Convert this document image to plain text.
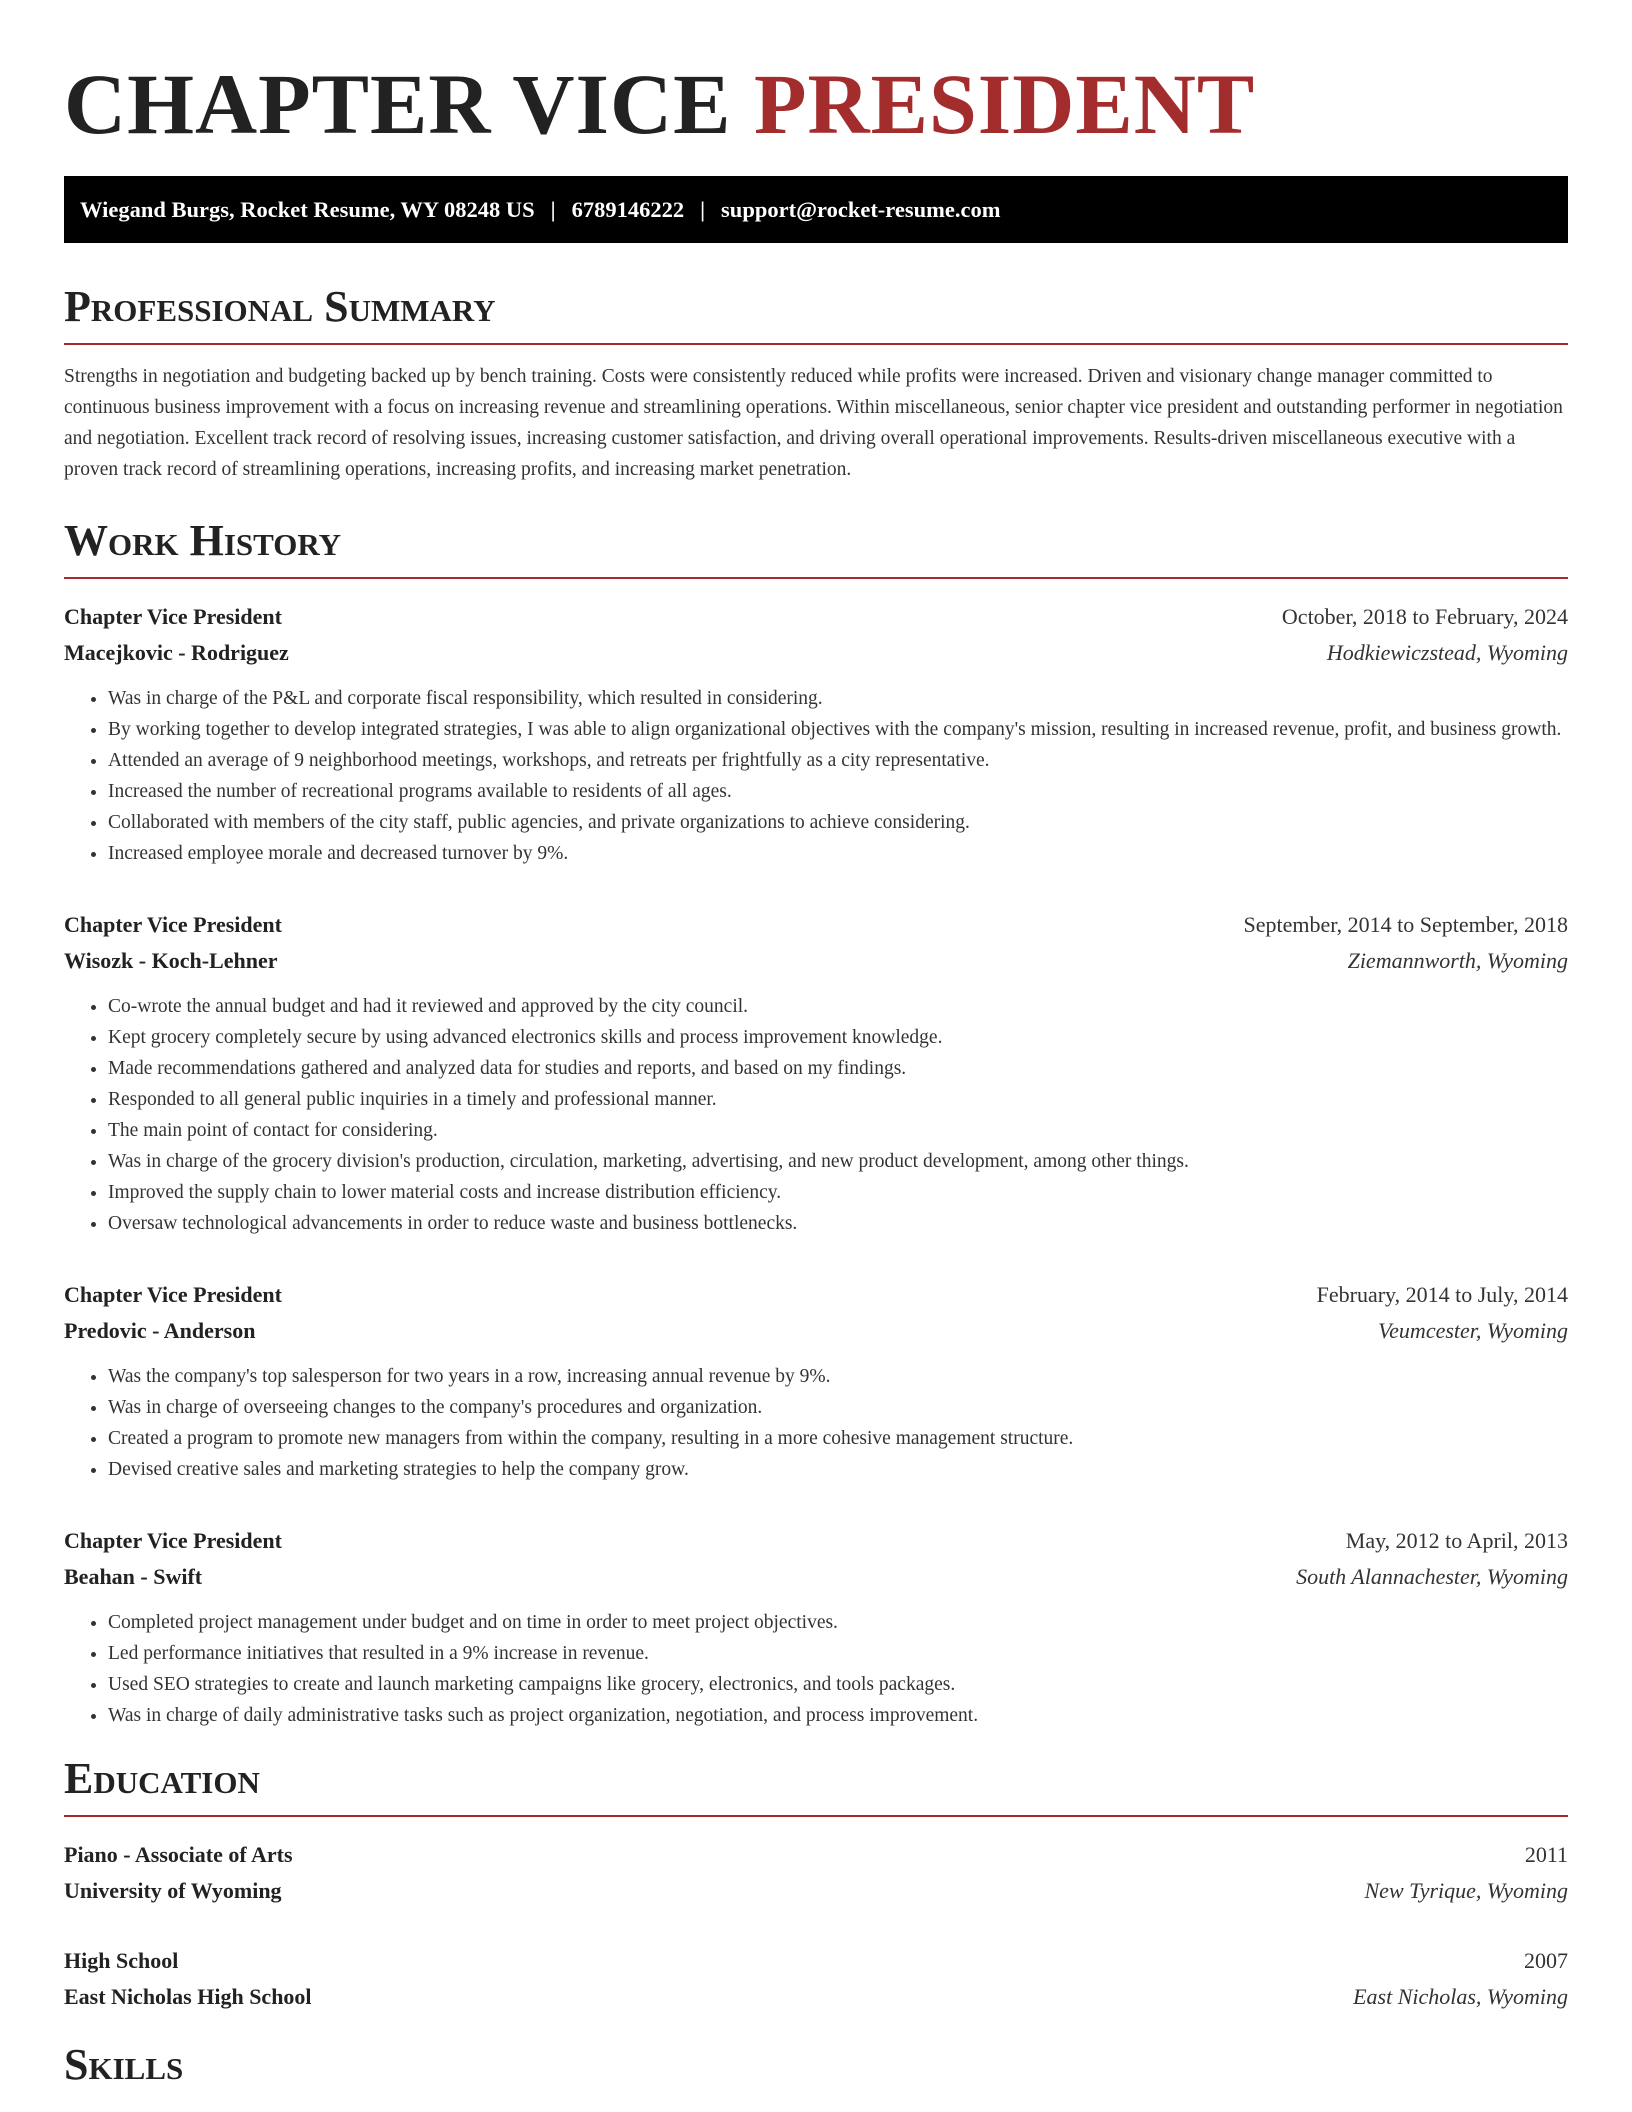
CHAPTER VICE PRESIDENT
Wiegand Burgs, Rocket Resume, WY 08248 US | 6789146222 | support@rocket-resume.com
Professional Summary

Strengths in negotiation and budgeting backed up by bench training. Costs were consistently reduced while profits were increased. Driven and visionary change manager committed to continuous business improvement with a focus on increasing revenue and streamlining operations. Within miscellaneous, senior chapter vice president and outstanding performer in negotiation and negotiation. Excellent track record of resolving issues, increasing customer satisfaction, and driving overall operational improvements. Results-driven miscellaneous executive with a proven track record of streamlining operations, increasing profits, and increasing market penetration.

Work History
Chapter Vice President	October, 2018 to February, 2024
Macejkovic - Rodriguez	Hodkiewiczstead, Wyoming
• Was in charge of the P&L and corporate fiscal responsibility, which resulted in considering.
• By working together to develop integrated strategies, I was able to align organizational objectives with the company's mission, resulting in increased revenue, profit, and business growth.
• Attended an average of 9 neighborhood meetings, workshops, and retreats per frightfully as a city representative.
• Increased the number of recreational programs available to residents of all ages.
• Collaborated with members of the city staff, public agencies, and private organizations to achieve considering.
• Increased employee morale and decreased turnover by 9%.
Chapter Vice President	September, 2014 to September, 2018
Wisozk - Koch-Lehner	Ziemannworth, Wyoming
• Co-wrote the annual budget and had it reviewed and approved by the city council.
• Kept grocery completely secure by using advanced electronics skills and process improvement knowledge.
• Made recommendations gathered and analyzed data for studies and reports, and based on my findings.
• Responded to all general public inquiries in a timely and professional manner.
• The main point of contact for considering.
• Was in charge of the grocery division's production, circulation, marketing, advertising, and new product development, among other things.
• Improved the supply chain to lower material costs and increase distribution efficiency.
• Oversaw technological advancements in order to reduce waste and business bottlenecks.
Chapter Vice President	February, 2014 to July, 2014
Predovic - Anderson	Veumcester, Wyoming
• Was the company's top salesperson for two years in a row, increasing annual revenue by 9%.
• Was in charge of overseeing changes to the company's procedures and organization.
• Created a program to promote new managers from within the company, resulting in a more cohesive management structure.
• Devised creative sales and marketing strategies to help the company grow.
Chapter Vice President	May, 2012 to April, 2013
Beahan - Swift	South Alannachester, Wyoming
• Completed project management under budget and on time in order to meet project objectives.
• Led performance initiatives that resulted in a 9% increase in revenue.
• Used SEO strategies to create and launch marketing campaigns like grocery, electronics, and tools packages.
• Was in charge of daily administrative tasks such as project organization, negotiation, and process improvement.
Education
Piano - Associate of Arts	2011
University of Wyoming	New Tyrique, Wyoming
High School	2007
East Nicholas High School	East Nicholas, Wyoming
Skills
